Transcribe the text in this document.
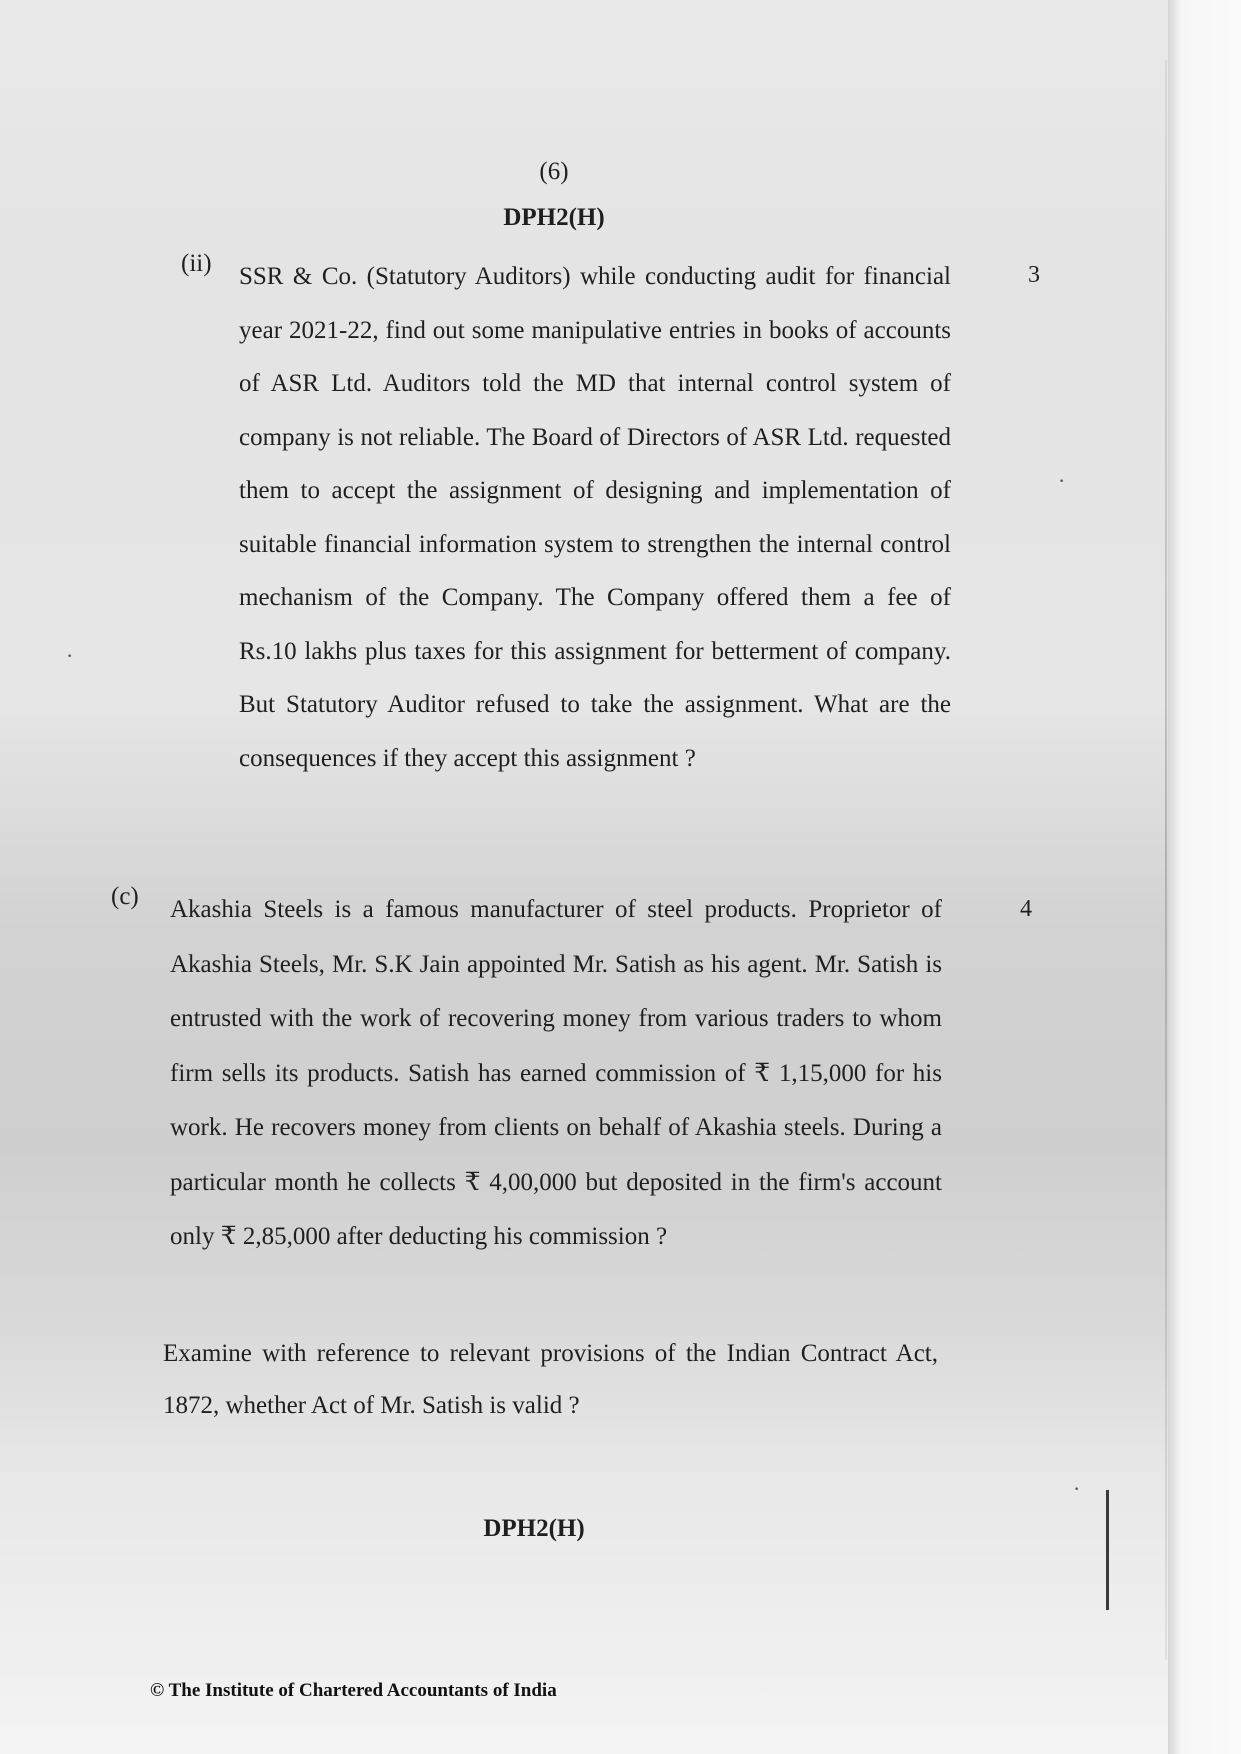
·
·
·
(6)
DPH2(H)
(ii)	3

SSR & Co. (Statutory Auditors) while conducting audit for financial year 2021-22, find out some manipulative entries in books of accounts of ASR Ltd. Auditors told the MD that internal control system of company is not reliable. The Board of Directors of ASR Ltd. requested them to accept the assignment of designing and implementation of suitable financial information system to strengthen the internal control mechanism of the Company. The Company offered them a fee of Rs.10 lakhs plus taxes for this assignment for betterment of company. But Statutory Auditor refused to take the assignment. What are the consequences if they accept this assignment ?

(c)	4

Akashia Steels is a famous manufacturer of steel products. Proprietor of Akashia Steels, Mr. S.K Jain appointed Mr. Satish as his agent. Mr. Satish is entrusted with the work of recovering money from various traders to whom firm sells its products. Satish has earned commission of ₹ 1,15,000 for his work. He recovers money from clients on behalf of Akashia steels. During a particular month he collects ₹ 4,00,000 but deposited in the firm's account only ₹ 2,85,000 after deducting his commission ?

Examine with reference to relevant provisions of the Indian Contract Act, 1872, whether Act of Mr. Satish is valid ?

DPH2(H)
© The Institute of Chartered Accountants of India
